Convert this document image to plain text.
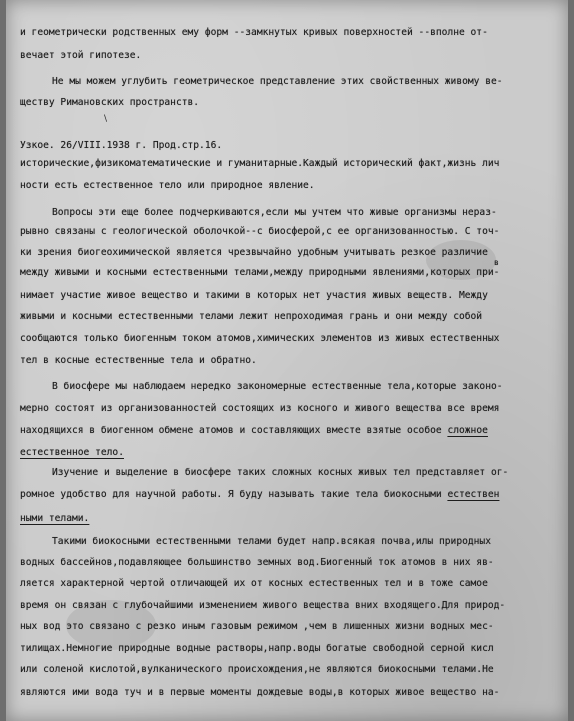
и геометрически родственных ему форм --замкнутых кривых поверхностей --вполне от-
вечает этой гипотезе.
Не мы можем углубить геометрическое представление этих свойственных живому ве-
ществу Римановских пространств.
\
Узкое. 26/VIII.1938 г. Прод.стр.16.
исторические,физикоматематические и гуманитарные.Каждый исторический факт,жизнь лич
ности есть естественное тело или природное явление.
Вопросы эти еще более подчеркиваются,если мы учтем что живые организмы нераз-
рывно связаны с геологической оболочкой--с биосферой,с ее организованностью. С точ-
ки зрения биогеохимической является чрезвычайно удобным учитывать резкое различие
между живыми и косными естественными телами,между природными явлениями,которых при-
в
нимает участие живое вещество и такими в которых нет участия живых веществ. Между
живыми и косными естественными телами лежит непроходимая грань и они между собой
сообщаются только биогенным током атомов,химических элементов из живых естественных
тел в косные естественные тела и обратно.
В биосфере мы наблюдаем нередко закономерные естественные тела,которые законо-
мерно состоят из организованностей состоящих из косного и живого вещества все время
находящихся в биогенном обмене атомов и составляющих вместе взятые особое сложное
естественное тело.
Изучение и выделение в биосфере таких сложных косных живых тел представляет ог-
ромное удобство для научной работы. Я буду называть такие тела биокосными естествен
ными телами.
Такими биокосными естественными телами будет напр.всякая почва,илы природных
водных бассейнов,подавляющее большинство земных вод.Биогенный ток атомов в них яв-
ляется характерной чертой отличающей их от косных естественных тел и в тоже самое
время он связан с глубочайшими изменением живого вещества вних входящего.Для природ-
ных вод это связано с резко иным газовым режимом ,чем в лишенных жизни водных мес-
тилищах.Немногие природные водные растворы,напр.воды богатые свободной серной кисл
или соленой кислотой,вулканического происхождения,не являются биокосными телами.Не
являются ими вода туч и в первые моменты дождевые воды,в которых живое вещество на-
